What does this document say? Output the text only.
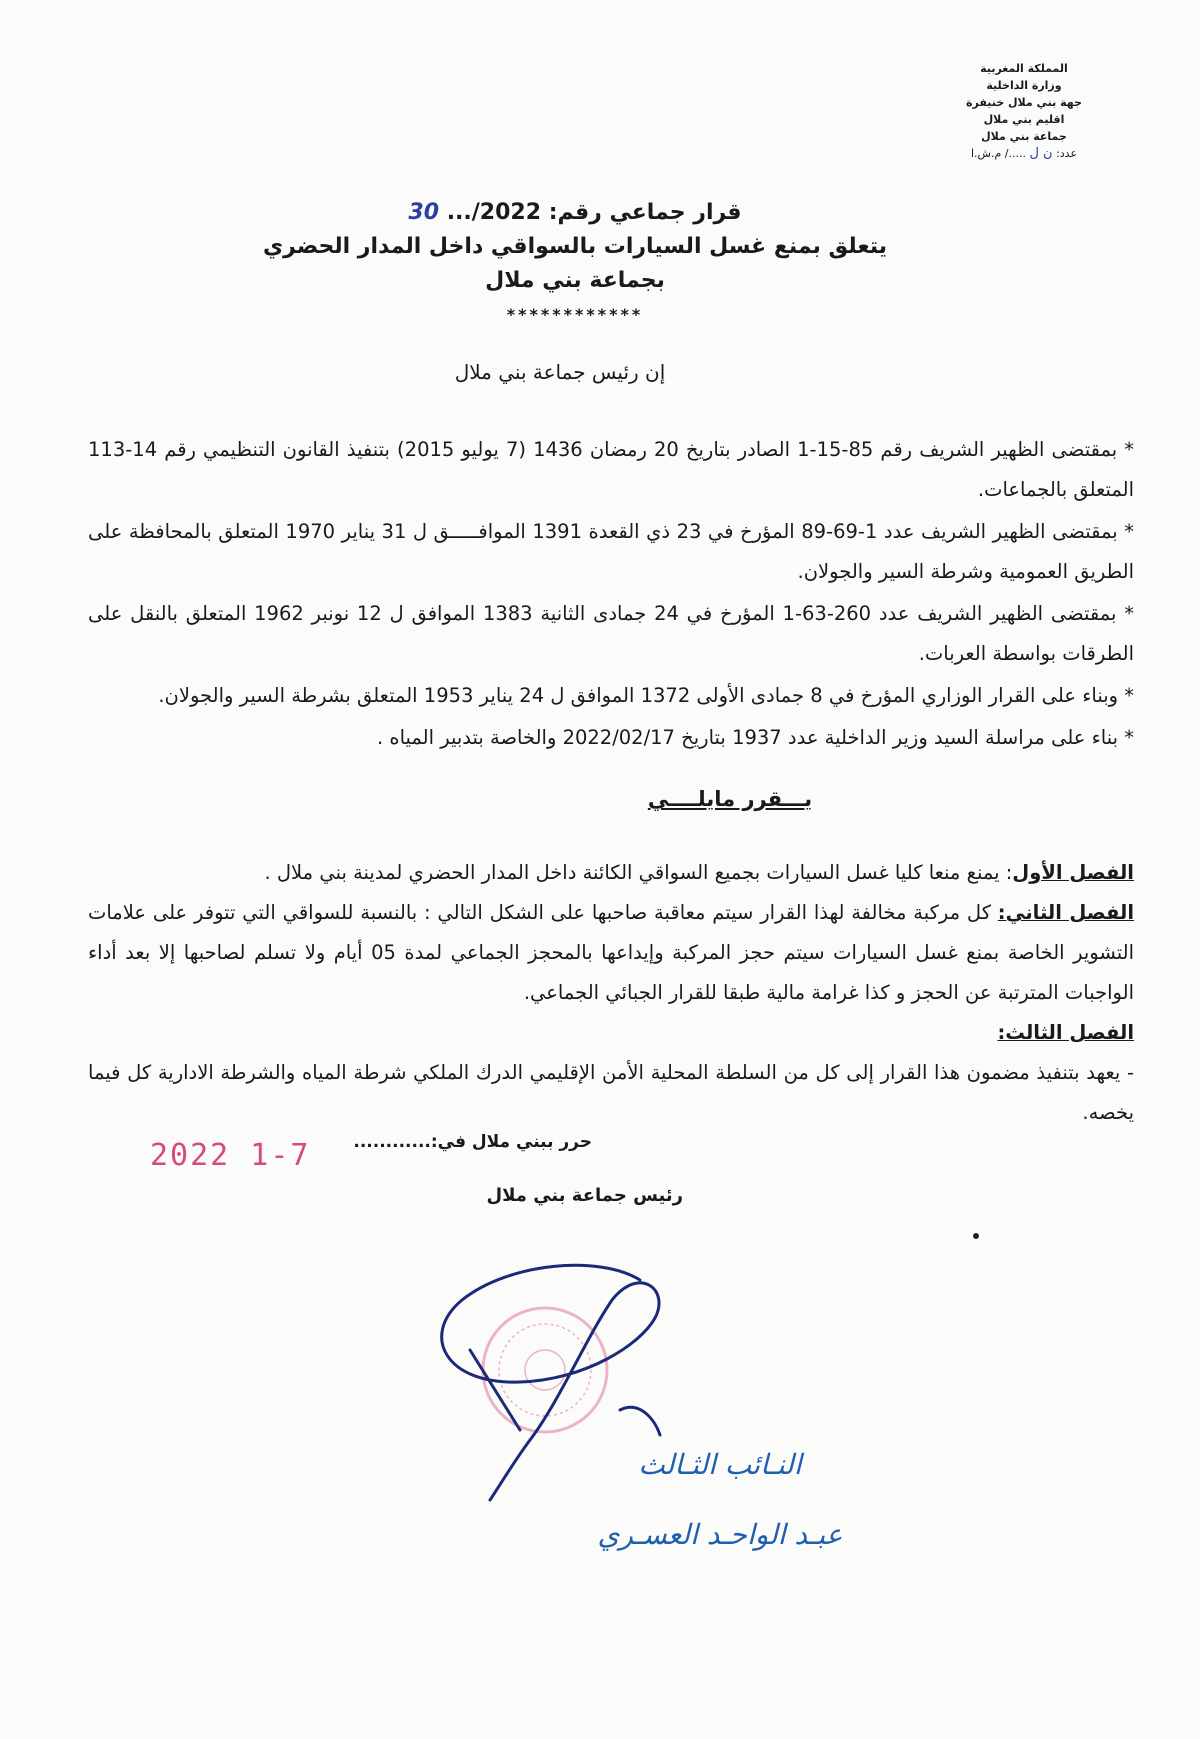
المملكة المغربية
وزارة الداخلية
جهة بني ملال خنيفرة
اقليم بني ملال
جماعة بني ملال
عدد: ن ل ...../ م.ش.ا
قرار جماعي رقم: 2022/... 30
يتعلق بمنع غسل السيارات بالسواقي داخل المدار الحضري
بجماعة بني ملال
************
إن رئيس جماعة بني ملال

* بمقتضى الظهير الشريف رقم 85-15-1 الصادر بتاريخ 20 رمضان 1436 (7 يوليو 2015) بتنفيذ القانون التنظيمي رقم 14-113 المتعلق بالجماعات.

* بمقتضى الظهير الشريف عدد 1-69-89 المؤرخ في 23 ذي القعدة 1391 الموافـــــق ل 31 يناير 1970 المتعلق بالمحافظة على الطريق العمومية وشرطة السير والجولان.

* بمقتضى الظهير الشريف عدد 260-63-1 المؤرخ في 24 جمادى الثانية 1383 الموافق ل 12 نونبر 1962 المتعلق بالنقل على الطرقات بواسطة العربات.

* وبناء على القرار الوزاري المؤرخ في 8 جمادى الأولى 1372 الموافق ل 24 يناير 1953 المتعلق بشرطة السير والجولان.

* بناء على مراسلة السيد وزير الداخلية عدد 1937 بتاريخ 2022/02/17 والخاصة بتدبير المياه .

يـــقرر مايلــــي

الفصل الأول: يمنع منعا كليا غسل السيارات بجميع السواقي الكائنة داخل المدار الحضري لمدينة بني ملال .

الفصل الثاني: كل مركبة مخالفة لهذا القرار سيتم معاقبة صاحبها على الشكل التالي : بالنسبة للسواقي التي تتوفر على علامات التشوير الخاصة بمنع غسل السيارات سيتم حجز المركبة وإيداعها بالمحجز الجماعي لمدة 05 أيام ولا تسلم لصاحبها إلا بعد أداء الواجبات المترتبة عن الحجز و كذا غرامة مالية طبقا للقرار الجبائي الجماعي.

الفصل الثالث:

- يعهد بتنفيذ مضمون هذا القرار إلى كل من السلطة المحلية الأمن الإقليمي الدرك الملكي شرطة المياه والشرطة الادارية كل فيما يخصه.

حرر ببني ملال في:............
2022 1-7
رئيس جماعة بني ملال
النـائب الثـالث
عبـد الواحـد العسـري
